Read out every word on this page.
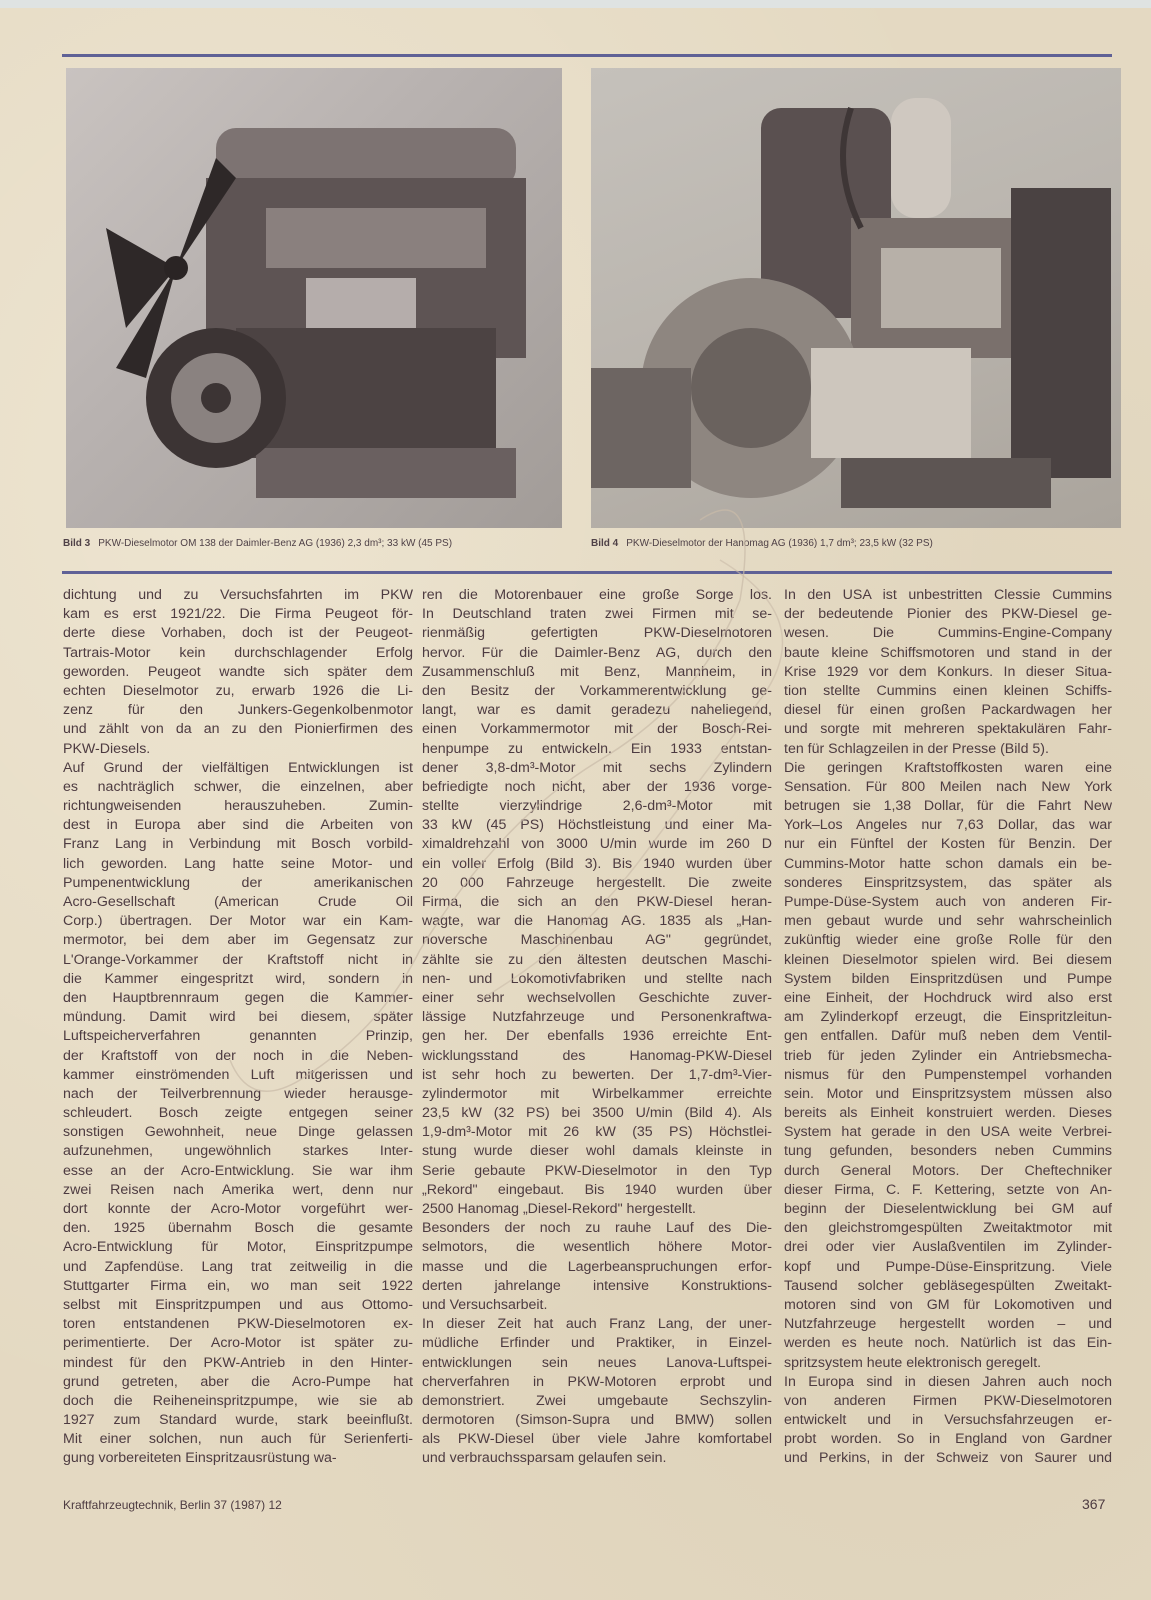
Bild 3 PKW-Dieselmotor OM 138 der Daimler-Benz AG (1936) 2,3 dm³; 33 kW (45 PS)	Bild 4 PKW-Dieselmotor der Hanomag AG (1936) 1,7 dm³; 23,5 kW (32 PS)
dichtung und zu Versuchsfahrten im PKW
kam es erst 1921/22. Die Firma Peugeot för-
derte diese Vorhaben, doch ist der Peugeot-
Tartrais-Motor kein durchschlagender Erfolg
geworden. Peugeot wandte sich später dem
echten Dieselmotor zu, erwarb 1926 die Li-
zenz für den Junkers-Gegenkolbenmotor
und zählt von da an zu den Pionierfirmen des
PKW-Diesels.
Auf Grund der vielfältigen Entwicklungen ist
es nachträglich schwer, die einzelnen, aber
richtungweisenden herauszuheben. Zumin-
dest in Europa aber sind die Arbeiten von
Franz Lang in Verbindung mit Bosch vorbild-
lich geworden. Lang hatte seine Motor- und
Pumpenentwicklung der amerikanischen
Acro-Gesellschaft (American Crude Oil
Corp.) übertragen. Der Motor war ein Kam-
mermotor, bei dem aber im Gegensatz zur
L'Orange-Vorkammer der Kraftstoff nicht in
die Kammer eingespritzt wird, sondern in
den Hauptbrennraum gegen die Kammer-
mündung. Damit wird bei diesem, später
Luftspeicherverfahren genannten Prinzip,
der Kraftstoff von der noch in die Neben-
kammer einströmenden Luft mitgerissen und
nach der Teilverbrennung wieder herausge-
schleudert. Bosch zeigte entgegen seiner
sonstigen Gewohnheit, neue Dinge gelassen
aufzunehmen, ungewöhnlich starkes Inter-
esse an der Acro-Entwicklung. Sie war ihm
zwei Reisen nach Amerika wert, denn nur
dort konnte der Acro-Motor vorgeführt wer-
den. 1925 übernahm Bosch die gesamte
Acro-Entwicklung für Motor, Einspritzpumpe
und Zapfendüse. Lang trat zeitweilig in die
Stuttgarter Firma ein, wo man seit 1922
selbst mit Einspritzpumpen und aus Ottomo-
toren entstandenen PKW-Dieselmotoren ex-
perimentierte. Der Acro-Motor ist später zu-
mindest für den PKW-Antrieb in den Hinter-
grund getreten, aber die Acro-Pumpe hat
doch die Reiheneinspritzpumpe, wie sie ab
1927 zum Standard wurde, stark beeinflußt.
Mit einer solchen, nun auch für Serienferti-
gung vorbereiteten Einspritzausrüstung wa-
ren die Motorenbauer eine große Sorge los.
In Deutschland traten zwei Firmen mit se-
rienmäßig gefertigten PKW-Dieselmotoren
hervor. Für die Daimler-Benz AG, durch den
Zusammenschluß mit Benz, Mannheim, in
den Besitz der Vorkammerentwicklung ge-
langt, war es damit geradezu naheliegend,
einen Vorkammermotor mit der Bosch-Rei-
henpumpe zu entwickeln. Ein 1933 entstan-
dener 3,8-dm³-Motor mit sechs Zylindern
befriedigte noch nicht, aber der 1936 vorge-
stellte vierzylindrige 2,6-dm³-Motor mit
33 kW (45 PS) Höchstleistung und einer Ma-
ximaldrehzahl von 3000 U/min wurde im 260 D
ein voller Erfolg (Bild 3). Bis 1940 wurden über
20 000 Fahrzeuge hergestellt. Die zweite
Firma, die sich an den PKW-Diesel heran-
wagte, war die Hanomag AG. 1835 als „Han-
noversche Maschinenbau AG" gegründet,
zählte sie zu den ältesten deutschen Maschi-
nen- und Lokomotivfabriken und stellte nach
einer sehr wechselvollen Geschichte zuver-
lässige Nutzfahrzeuge und Personenkraftwa-
gen her. Der ebenfalls 1936 erreichte Ent-
wicklungsstand des Hanomag-PKW-Diesel
ist sehr hoch zu bewerten. Der 1,7-dm³-Vier-
zylindermotor mit Wirbelkammer erreichte
23,5 kW (32 PS) bei 3500 U/min (Bild 4). Als
1,9-dm³-Motor mit 26 kW (35 PS) Höchstlei-
stung wurde dieser wohl damals kleinste in
Serie gebaute PKW-Dieselmotor in den Typ
„Rekord" eingebaut. Bis 1940 wurden über
2500 Hanomag „Diesel-Rekord" hergestellt.
Besonders der noch zu rauhe Lauf des Die-
selmotors, die wesentlich höhere Motor-
masse und die Lagerbeanspruchungen erfor-
derten jahrelange intensive Konstruktions-
und Versuchsarbeit.
In dieser Zeit hat auch Franz Lang, der uner-
müdliche Erfinder und Praktiker, in Einzel-
entwicklungen sein neues Lanova-Luftspei-
cherverfahren in PKW-Motoren erprobt und
demonstriert. Zwei umgebaute Sechszylin-
dermotoren (Simson-Supra und BMW) sollen
als PKW-Diesel über viele Jahre komfortabel
und verbrauchssparsam gelaufen sein.
In den USA ist unbestritten Clessie Cummins
der bedeutende Pionier des PKW-Diesel ge-
wesen. Die Cummins-Engine-Company
baute kleine Schiffsmotoren und stand in der
Krise 1929 vor dem Konkurs. In dieser Situa-
tion stellte Cummins einen kleinen Schiffs-
diesel für einen großen Packardwagen her
und sorgte mit mehreren spektakulären Fahr-
ten für Schlagzeilen in der Presse (Bild 5).
Die geringen Kraftstoffkosten waren eine
Sensation. Für 800 Meilen nach New York
betrugen sie 1,38 Dollar, für die Fahrt New
York–Los Angeles nur 7,63 Dollar, das war
nur ein Fünftel der Kosten für Benzin. Der
Cummins-Motor hatte schon damals ein be-
sonderes Einspritzsystem, das später als
Pumpe-Düse-System auch von anderen Fir-
men gebaut wurde und sehr wahrscheinlich
zukünftig wieder eine große Rolle für den
kleinen Dieselmotor spielen wird. Bei diesem
System bilden Einspritzdüsen und Pumpe
eine Einheit, der Hochdruck wird also erst
am Zylinderkopf erzeugt, die Einspritzleitun-
gen entfallen. Dafür muß neben dem Ventil-
trieb für jeden Zylinder ein Antriebsmecha-
nismus für den Pumpenstempel vorhanden
sein. Motor und Einspritzsystem müssen also
bereits als Einheit konstruiert werden. Dieses
System hat gerade in den USA weite Verbrei-
tung gefunden, besonders neben Cummins
durch General Motors. Der Cheftechniker
dieser Firma, C. F. Kettering, setzte von An-
beginn der Dieselentwicklung bei GM auf
den gleichstromgespülten Zweitaktmotor mit
drei oder vier Auslaßventilen im Zylinder-
kopf und Pumpe-Düse-Einspritzung. Viele
Tausend solcher gebläsegespülten Zweitakt-
motoren sind von GM für Lokomotiven und
Nutzfahrzeuge hergestellt worden – und
werden es heute noch. Natürlich ist das Ein-
spritzsystem heute elektronisch geregelt.
In Europa sind in diesen Jahren auch noch
von anderen Firmen PKW-Dieselmotoren
entwickelt und in Versuchsfahrzeugen er-
probt worden. So in England von Gardner
und Perkins, in der Schweiz von Saurer und
Kraftfahrzeugtechnik, Berlin 37 (1987) 12	367
